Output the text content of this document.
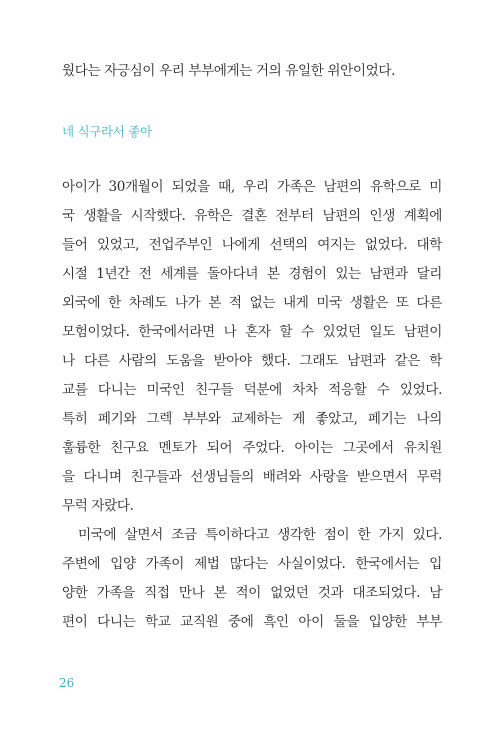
웠다는 자긍심이 우리 부부에게는 거의 유일한 위안이었다.
네 식구라서 좋아
아이가 30개월이 되었을 때, 우리 가족은 남편의 유학으로 미
국 생활을 시작했다. 유학은 결혼 전부터 남편의 인생 계획에
들어 있었고, 전업주부인 나에게 선택의 여지는 없었다. 대학
시절 1년간 전 세계를 돌아다녀 본 경험이 있는 남편과 달리
외국에 한 차례도 나가 본 적 없는 내게 미국 생활은 또 다른
모험이었다. 한국에서라면 나 혼자 할 수 있었던 일도 남편이
나 다른 사람의 도움을 받아야 했다. 그래도 남편과 같은 학
교를 다니는 미국인 친구들 덕분에 차차 적응할 수 있었다.
특히 페기와 그렉 부부와 교제하는 게 좋았고, 페기는 나의
훌륭한 친구요 멘토가 되어 주었다. 아이는 그곳에서 유치원
을 다니며 친구들과 선생님들의 배려와 사랑을 받으면서 무럭
무럭 자랐다.
미국에 살면서 조금 특이하다고 생각한 점이 한 가지 있다.
주변에 입양 가족이 제법 많다는 사실이었다. 한국에서는 입
양한 가족을 직접 만나 본 적이 없었던 것과 대조되었다. 남
편이 다니는 학교 교직원 중에 흑인 아이 둘을 입양한 부부
26
